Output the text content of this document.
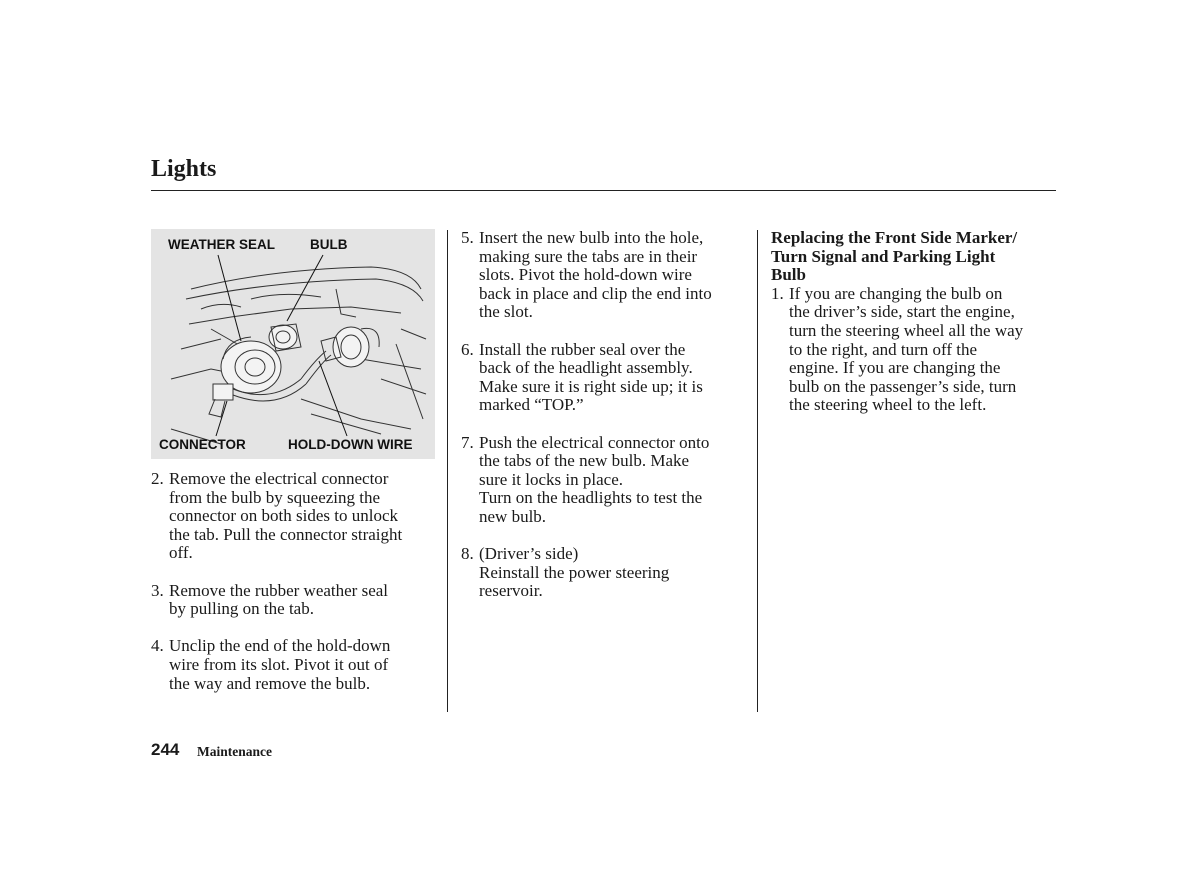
Lights
WEATHER SEAL	BULB
CONNECTOR	HOLD-DOWN WIRE
2. Remove the electrical connector
from the bulb by squeezing the
connector on both sides to unlock
the tab. Pull the connector straight
off.
3. Remove the rubber weather seal
by pulling on the tab.
4. Unclip the end of the hold-down
wire from its slot. Pivot it out of
the way and remove the bulb.
5. Insert the new bulb into the hole,
making sure the tabs are in their
slots. Pivot the hold-down wire
back in place and clip the end into
the slot.
6. Install the rubber seal over the
back of the headlight assembly.
Make sure it is right side up; it is
marked “TOP.”
7. Push the electrical connector onto
the tabs of the new bulb. Make
sure it locks in place.
Turn on the headlights to test the
new bulb.
8. (Driver’s side)
Reinstall the power steering
reservoir.
Replacing the Front Side Marker/
Turn Signal and Parking Light
Bulb
1. If you are changing the bulb on
the driver’s side, start the engine,
turn the steering wheel all the way
to the right, and turn off the
engine. If you are changing the
bulb on the passenger’s side, turn
the steering wheel to the left.
244 Maintenance
